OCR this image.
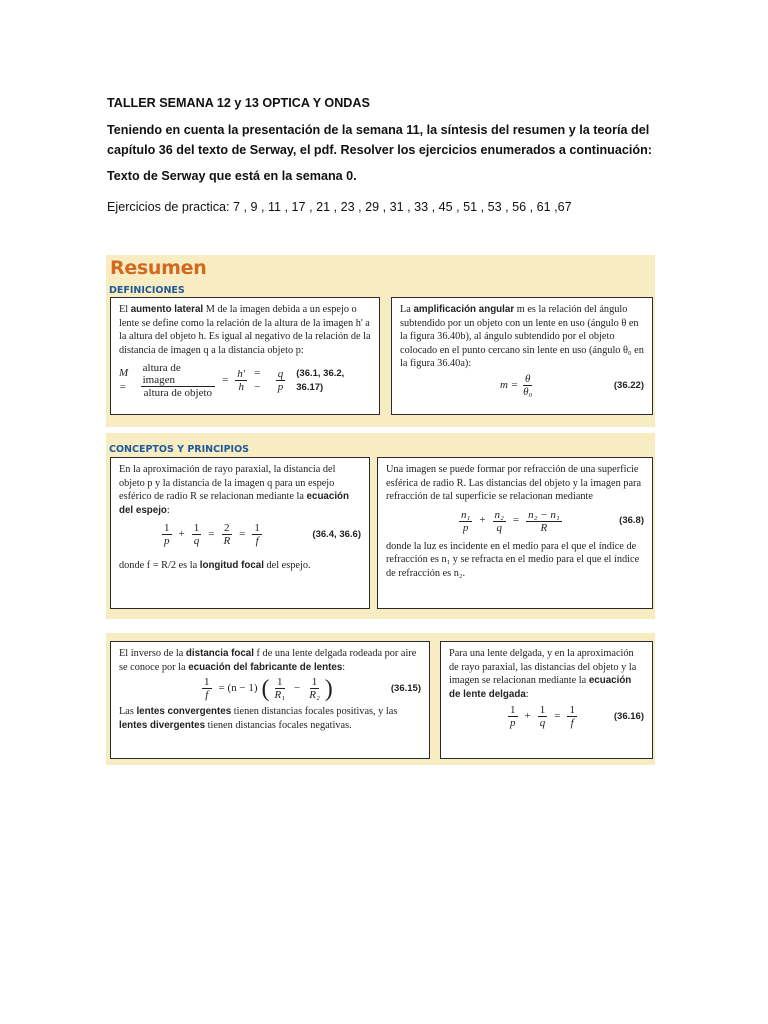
TALLER SEMANA 12 y 13 OPTICA Y ONDAS
Teniendo en cuenta la presentación de la semana 11, la síntesis del resumen y la teoría del capítulo 36 del texto de Serway, el pdf. Resolver los ejercicios enumerados a continuación:
Texto de Serway que está en la semana 0.
Ejercicios de practica: 7 , 9 , 11 , 17 , 21 , 23 , 29 , 31 , 33 , 45 , 51 , 53 , 56 , 61 ,67
Resumen
DEFINICIONES
El aumento lateral M de la imagen debida a un espejo o lente se define como la relación de la altura de la imagen h' a la altura del objeto h. Es igual al negativo de la relación de la distancia de imagen q a la distancia objeto p:
M =	$\frac{\text{altura de imagen}}{\text{altura de objeto}} = \frac{h'}{h}$ = −	$\frac{q}{p} (36.1$, 36.2, 36.17)
La amplificación angular m es la relación del ángulo subtendido por un objeto con un lente en uso (ángulo θ en la figura 36.40b), al ángulo subtendido por el objeto colocado en el punto cercano sin lente en uso (ángulo θ₀ en la figura 36.40a):
$m = \frac{\theta}{\text{θ₀}}$	(36.22)
CONCEPTOS Y PRINCIPIOS
En la aproximación de rayo paraxial, la distancia del objeto p y la distancia de la imagen q para un espejo esférico de radio R se relacionan mediante la ecuación del espejo:
$\frac{1}{p} + \frac{1}{q} = \frac{2}{R} = \frac{1}{f}$	(36.4, 36.6)
donde f = R/2 es la longitud focal del espejo.
Una imagen se puede formar por refracción de una superficie esférica de radio R. Las distancias del objeto y la imagen para refracción de tal superficie se relacionan mediante
$\frac{\text{n₁}}{p} + \frac{\text{n₂}}{q} = \frac{\text{n₂ − n₁}}{R}$	(36.8)
donde la luz es incidente en el medio para el que el índice de refracción es n₁ y se refracta en el medio para el que el índice de refracción es n₂.
El inverso de la distancia focal f de una lente delgada rodeada por aire se conoce por la ecuación del fabricante de lentes:
$\frac{1}{f} = (n - 1)$ ( $\frac{1}{\text{R₁}} - \frac{1}{\text{R₂}}$ )	(36.15)
Las lentes convergentes tienen distancias focales positivas, y las lentes divergentes tienen distancias focales negativas.
Para una lente delgada, y en la aproximación de rayo paraxial, las distancias del objeto y la imagen se relacionan mediante la ecuación de lente delgada:
$\frac{1}{p} + \frac{1}{q} = \frac{1}{f}$	(36.16)
